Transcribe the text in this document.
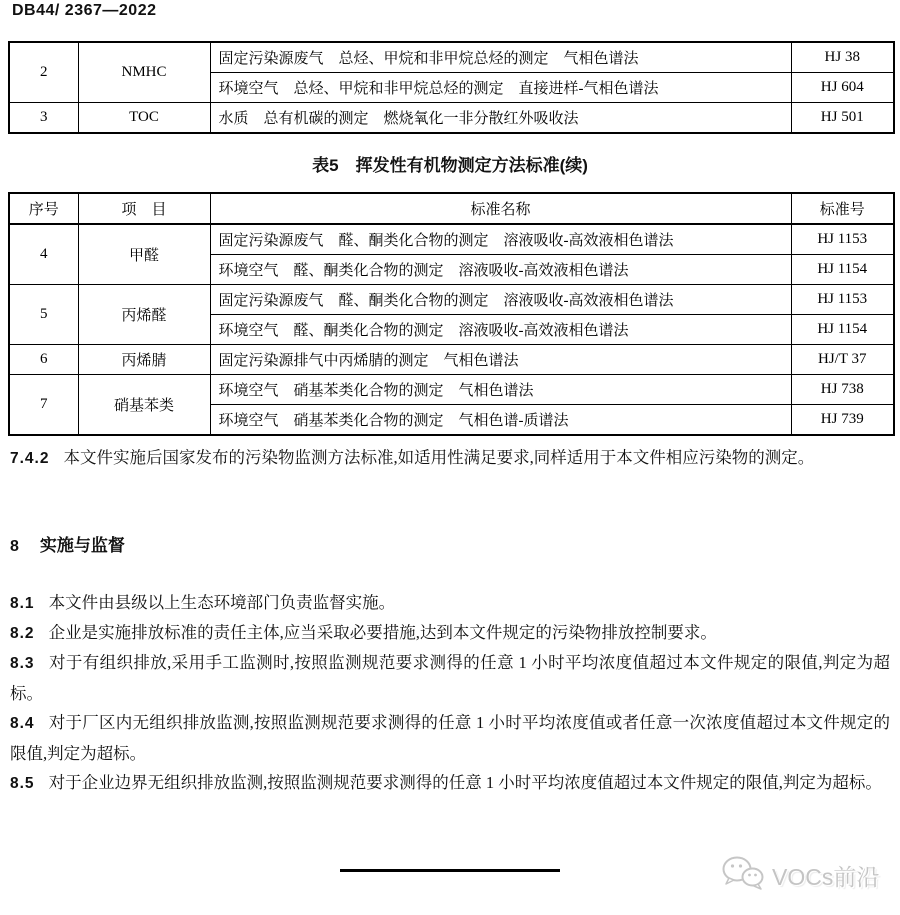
DB44/ 2367—2022
2	NMHC	固定污染源废气　总烃、甲烷和非甲烷总烃的测定　气相色谱法	HJ 38
		环境空气　总烃、甲烷和非甲烷总烃的测定　直接进样-气相色谱法	HJ 604
3	TOC	水质　总有机碳的测定　燃烧氧化一非分散红外吸收法	HJ 501
表5　挥发性有机物测定方法标准(续)
序号	项　目	标准名称	标准号
4	甲醛	固定污染源废气　醛、酮类化合物的测定　溶液吸收-高效液相色谱法	HJ 1153
		环境空气　醛、酮类化合物的测定　溶液吸收-高效液相色谱法	HJ 1154
5	丙烯醛	固定污染源废气　醛、酮类化合物的测定　溶液吸收-高效液相色谱法	HJ 1153
		环境空气　醛、酮类化合物的测定　溶液吸收-高效液相色谱法	HJ 1154
6	丙烯腈	固定污染源排气中丙烯腈的测定　气相色谱法	HJ/T 37
7	硝基苯类	环境空气　硝基苯类化合物的测定　气相色谱法	HJ 738
		环境空气　硝基苯类化合物的测定　气相色谱-质谱法	HJ 739

7.4.2 本文件实施后国家发布的污染物监测方法标准,如适用性满足要求,同样适用于本文件相应污染物的测定。

8 实施与监督

8.1 本文件由县级以上生态环境部门负责监督实施。

8.2 企业是实施排放标准的责任主体,应当采取必要措施,达到本文件规定的污染物排放控制要求。

8.3 对于有组织排放,采用手工监测时,按照监测规范要求测得的任意 1 小时平均浓度值超过本文件规定的限值,判定为超标。

8.4 对于厂区内无组织排放监测,按照监测规范要求测得的任意 1 小时平均浓度值或者任意一次浓度值超过本文件规定的限值,判定为超标。

8.5 对于企业边界无组织排放监测,按照监测规范要求测得的任意 1 小时平均浓度值超过本文件规定的限值,判定为超标。

VOCs前沿
